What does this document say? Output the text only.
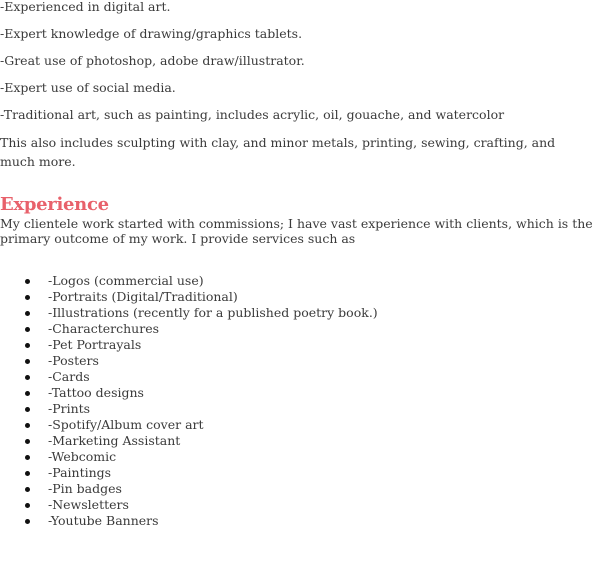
-Experienced in digital art.

-Expert knowledge of drawing/graphics tablets.

-Great use of photoshop, adobe draw/illustrator.

-Expert use of social media.

-Traditional art, such as painting, includes acrylic, oil, gouache, and watercolor

This also includes sculpting with clay, and minor metals, printing, sewing, crafting, and much more.

Experience

My clientele work started with commissions; I have vast experience with clients, which is the primary outcome of my work. I provide services such as

-Logos (commercial use)
-Portraits (Digital/Traditional)
-Illustrations (recently for a published poetry book.)
-Characterchures
-Pet Portrayals
-Posters
-Cards
-Tattoo designs
-Prints
-Spotify/Album cover art
-Marketing Assistant
-Webcomic
-Paintings
-Pin badges
-Newsletters
-Youtube Banners
